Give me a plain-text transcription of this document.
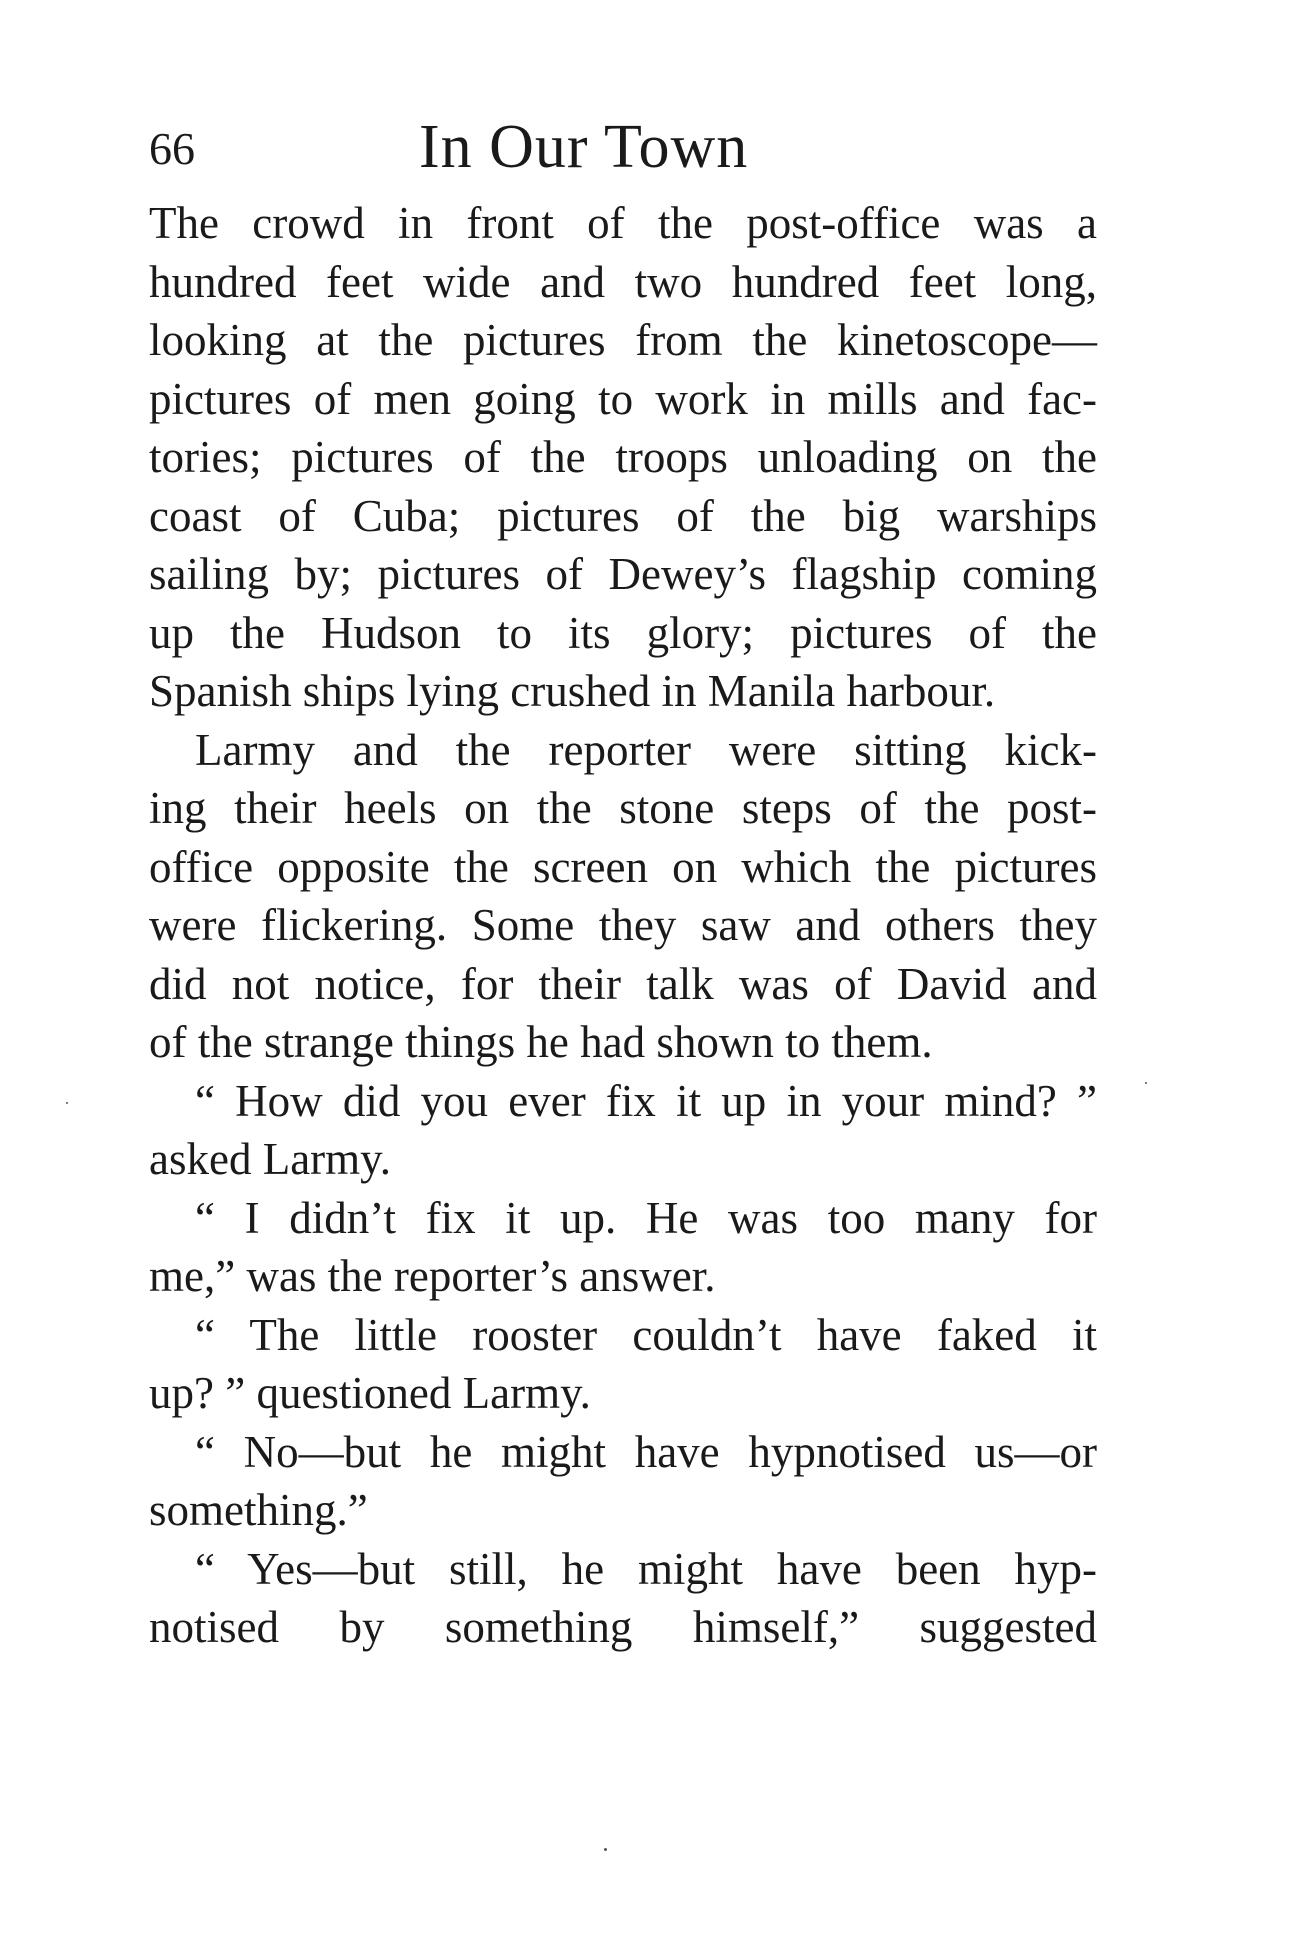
66	In Our Town
The crowd in front of the post-office was a
hundred feet wide and two hundred feet long,
looking at the pictures from the kinetoscope—
pictures of men going to work in mills and fac-
tories; pictures of the troops unloading on the
coast of Cuba; pictures of the big warships
sailing by; pictures of Dewey’s flagship coming
up the Hudson to its glory; pictures of the
Spanish ships lying crushed in Manila harbour.
Larmy and the reporter were sitting kick-
ing their heels on the stone steps of the post-
office opposite the screen on which the pictures
were flickering. Some they saw and others they
did not notice, for their talk was of David and
of the strange things he had shown to them.
“ How did you ever fix it up in your mind? ”
asked Larmy.
“ I didn’t fix it up. He was too many for
me,” was the reporter’s answer.
“ The little rooster couldn’t have faked it
up? ” questioned Larmy.
“ No—but he might have hypnotised us—or
something.”
“ Yes—but still, he might have been hyp-
notised by something himself,” suggested
